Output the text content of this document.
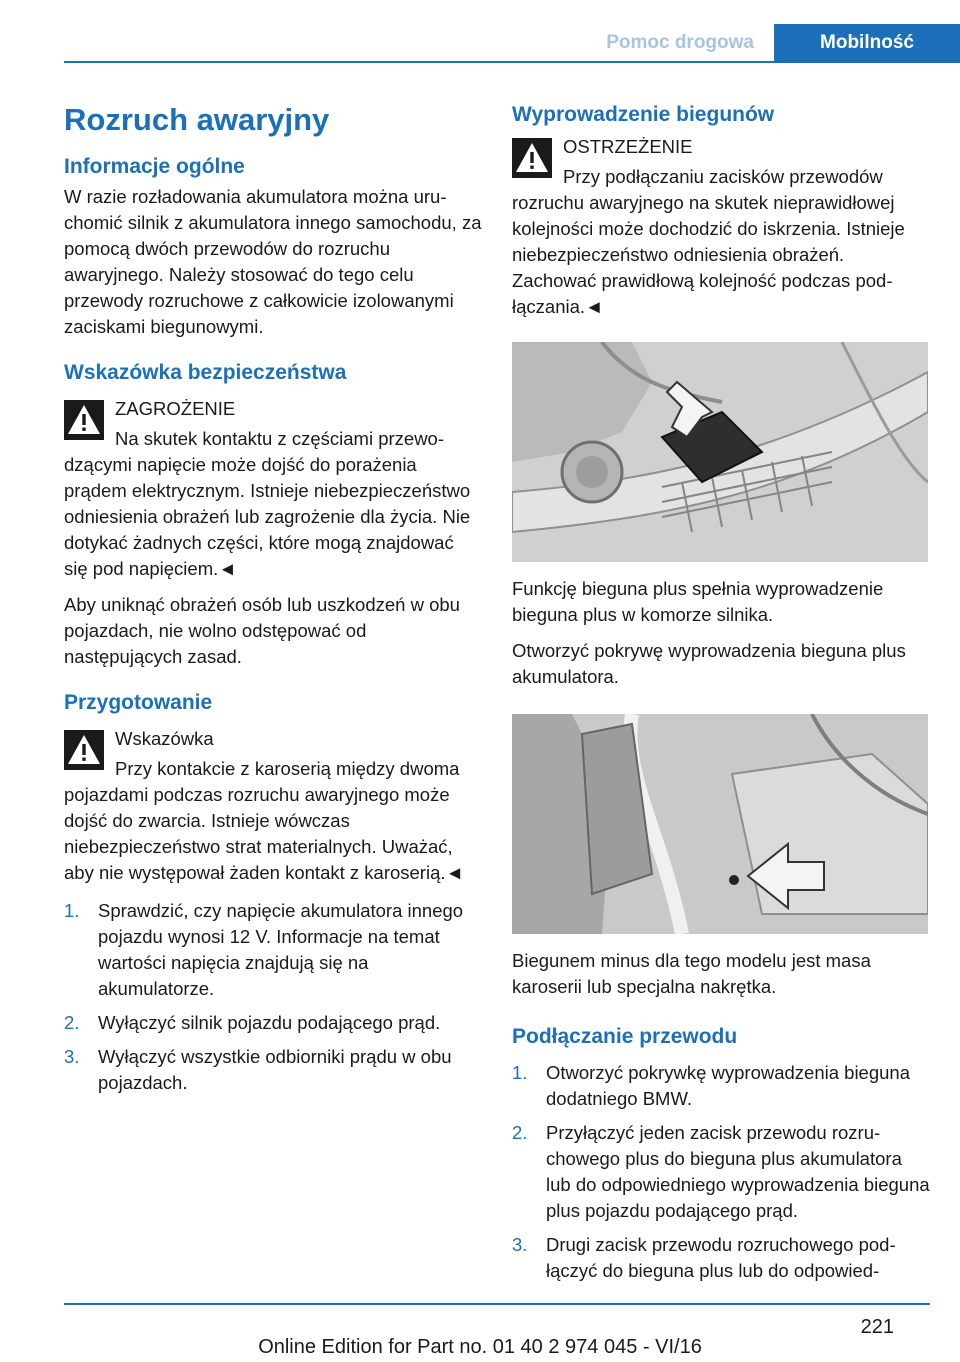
Pomoc drogowa	Mobilność
Rozruch awaryjny
Informacje ogólne

W razie rozładowania akumulatora można uruchomić silnik z akumulatora innego samochodu, za pomocą dwóch przewodów do rozruchu awaryjnego. Należy stosować do tego celu przewody rozruchowe z całkowicie izolowanymi zaciskami biegunowymi.

Wskazówka bezpieczeństwa
ZAGROŻENIE

Na skutek kontaktu z częściami przewodzącymi napięcie może dojść do porażenia prądem elektrycznym. Istnieje niebezpieczeństwo odniesienia obrażeń lub zagrożenie dla życia. Nie dotykać żadnych części, które mogą znajdować się pod napięciem.◄

Aby uniknąć obrażeń osób lub uszkodzeń w obu pojazdach, nie wolno odstępować od następujących zasad.

Przygotowanie
Wskazówka

Przy kontakcie z karoserią między dwoma pojazdami podczas rozruchu awaryjnego może dojść do zwarcia. Istnieje wówczas niebezpieczeństwo strat materialnych. Uważać, aby nie występował żaden kontakt z karoserią.◄

1. Sprawdzić, czy napięcie akumulatora innego pojazdu wynosi 12 V. Informacje na temat wartości napięcia znajdują się na akumulatorze.
2. Wyłączyć silnik pojazdu podającego prąd.
3. Wyłączyć wszystkie odbiorniki prądu w obu pojazdach.
Wyprowadzenie biegunów
OSTRZEŻENIE

Przy podłączaniu zacisków przewodów rozruchu awaryjnego na skutek nieprawidłowej kolejności może dochodzić do iskrzenia. Istnieje niebezpieczeństwo odniesienia obrażeń. Zachować prawidłową kolejność podczas podłączania.◄

Funkcję bieguna plus spełnia wyprowadzenie bieguna plus w komorze silnika.

Otworzyć pokrywę wyprowadzenia bieguna plus akumulatora.

Biegunem minus dla tego modelu jest masa karoserii lub specjalna nakrętka.

Podłączanie przewodu
1. Otworzyć pokrywkę wyprowadzenia bieguna dodatniego BMW.
2. Przyłączyć jeden zacisk przewodu rozruchowego plus do bieguna plus akumulatora lub do odpowiedniego wyprowadzenia bieguna plus pojazdu podającego prąd.
3. Drugi zacisk przewodu rozruchowego podłączyć do bieguna plus lub do odpowied-
221
Online Edition for Part no. 01 40 2 974 045 - VI/16
